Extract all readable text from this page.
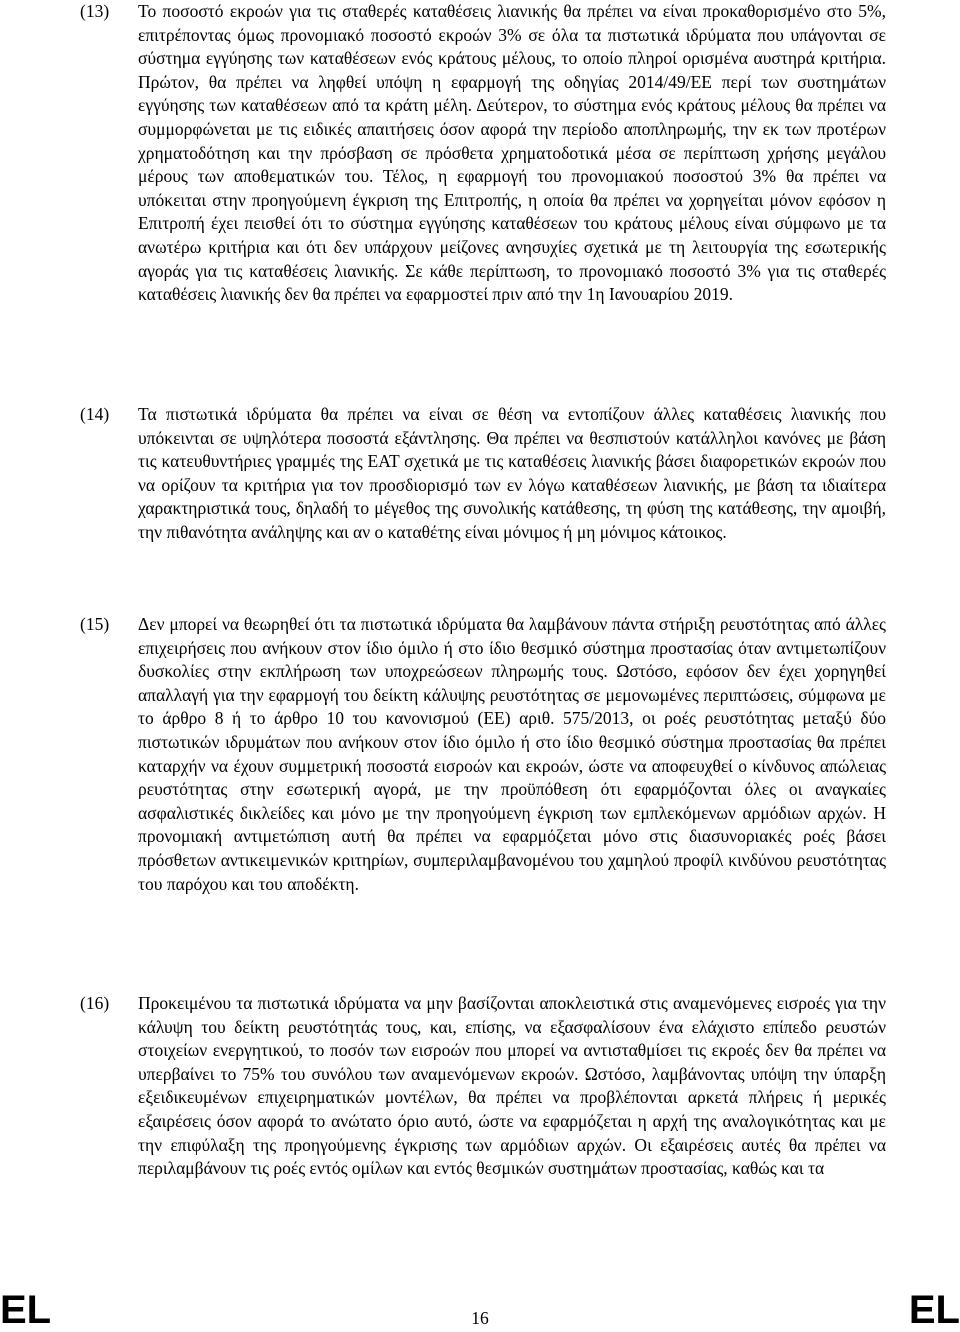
(13) Το ποσοστό εκροών για τις σταθερές καταθέσεις λιανικής θα πρέπει να είναι προκαθορισμένο στο 5%, επιτρέποντας όμως προνομιακό ποσοστό εκροών 3% σε όλα τα πιστωτικά ιδρύματα που υπάγονται σε σύστημα εγγύησης των καταθέσεων ενός κράτους μέλους, το οποίο πληροί ορισμένα αυστηρά κριτήρια. Πρώτον, θα πρέπει να ληφθεί υπόψη η εφαρμογή της οδηγίας 2014/49/ΕΕ περί των συστημάτων εγγύησης των καταθέσεων από τα κράτη μέλη. Δεύτερον, το σύστημα ενός κράτους μέλους θα πρέπει να συμμορφώνεται με τις ειδικές απαιτήσεις όσον αφορά την περίοδο αποπληρωμής, την εκ των προτέρων χρηματοδότηση και την πρόσβαση σε πρόσθετα χρηματοδοτικά μέσα σε περίπτωση χρήσης μεγάλου μέρους των αποθεματικών του. Τέλος, η εφαρμογή του προνομιακού ποσοστού 3% θα πρέπει να υπόκειται στην προηγούμενη έγκριση της Επιτροπής, η οποία θα πρέπει να χορηγείται μόνον εφόσον η Επιτροπή έχει πεισθεί ότι το σύστημα εγγύησης καταθέσεων του κράτους μέλους είναι σύμφωνο με τα ανωτέρω κριτήρια και ότι δεν υπάρχουν μείζονες ανησυχίες σχετικά με τη λειτουργία της εσωτερικής αγοράς για τις καταθέσεις λιανικής. Σε κάθε περίπτωση, το προνομιακό ποσοστό 3% για τις σταθερές καταθέσεις λιανικής δεν θα πρέπει να εφαρμοστεί πριν από την 1η Ιανουαρίου 2019.

(14) Τα πιστωτικά ιδρύματα θα πρέπει να είναι σε θέση να εντοπίζουν άλλες καταθέσεις λιανικής που υπόκεινται σε υψηλότερα ποσοστά εξάντλησης. Θα πρέπει να θεσπιστούν κατάλληλοι κανόνες με βάση τις κατευθυντήριες γραμμές της ΕΑΤ σχετικά με τις καταθέσεις λιανικής βάσει διαφορετικών εκροών που να ορίζουν τα κριτήρια για τον προσδιορισμό των εν λόγω καταθέσεων λιανικής, με βάση τα ιδιαίτερα χαρακτηριστικά τους, δηλαδή το μέγεθος της συνολικής κατάθεσης, τη φύση της κατάθεσης, την αμοιβή, την πιθανότητα ανάληψης και αν ο καταθέτης είναι μόνιμος ή μη μόνιμος κάτοικος.

(15) Δεν μπορεί να θεωρηθεί ότι τα πιστωτικά ιδρύματα θα λαμβάνουν πάντα στήριξη ρευστότητας από άλλες επιχειρήσεις που ανήκουν στον ίδιο όμιλο ή στο ίδιο θεσμικό σύστημα προστασίας όταν αντιμετωπίζουν δυσκολίες στην εκπλήρωση των υποχρεώσεων πληρωμής τους. Ωστόσο, εφόσον δεν έχει χορηγηθεί απαλλαγή για την εφαρμογή του δείκτη κάλυψης ρευστότητας σε μεμονωμένες περιπτώσεις, σύμφωνα με το άρθρο 8 ή το άρθρο 10 του κανονισμού (ΕΕ) αριθ. 575/2013, οι ροές ρευστότητας μεταξύ δύο πιστωτικών ιδρυμάτων που ανήκουν στον ίδιο όμιλο ή στο ίδιο θεσμικό σύστημα προστασίας θα πρέπει καταρχήν να έχουν συμμετρική ποσοστά εισροών και εκροών, ώστε να αποφευχθεί ο κίνδυνος απώλειας ρευστότητας στην εσωτερική αγορά, με την προϋπόθεση ότι εφαρμόζονται όλες οι αναγκαίες ασφαλιστικές δικλείδες και μόνο με την προηγούμενη έγκριση των εμπλεκόμενων αρμόδιων αρχών. Η προνομιακή αντιμετώπιση αυτή θα πρέπει να εφαρμόζεται μόνο στις διασυνοριακές ροές βάσει πρόσθετων αντικειμενικών κριτηρίων, συμπεριλαμβανομένου του χαμηλού προφίλ κινδύνου ρευστότητας του παρόχου και του αποδέκτη.

(16) Προκειμένου τα πιστωτικά ιδρύματα να μην βασίζονται αποκλειστικά στις αναμενόμενες εισροές για την κάλυψη του δείκτη ρευστότητάς τους, και, επίσης, να εξασφαλίσουν ένα ελάχιστο επίπεδο ρευστών στοιχείων ενεργητικού, το ποσόν των εισροών που μπορεί να αντισταθμίσει τις εκροές δεν θα πρέπει να υπερβαίνει το 75% του συνόλου των αναμενόμενων εκροών. Ωστόσο, λαμβάνοντας υπόψη την ύπαρξη εξειδικευμένων επιχειρηματικών μοντέλων, θα πρέπει να προβλέπονται αρκετά πλήρεις ή μερικές εξαιρέσεις όσον αφορά το ανώτατο όριο αυτό, ώστε να εφαρμόζεται η αρχή της αναλογικότητας και με την επιφύλαξη της προηγούμενης έγκρισης των αρμόδιων αρχών. Οι εξαιρέσεις αυτές θα πρέπει να περιλαμβάνουν τις ροές εντός ομίλων και εντός θεσμικών συστημάτων προστασίας, καθώς και τα

EL	16	EL
